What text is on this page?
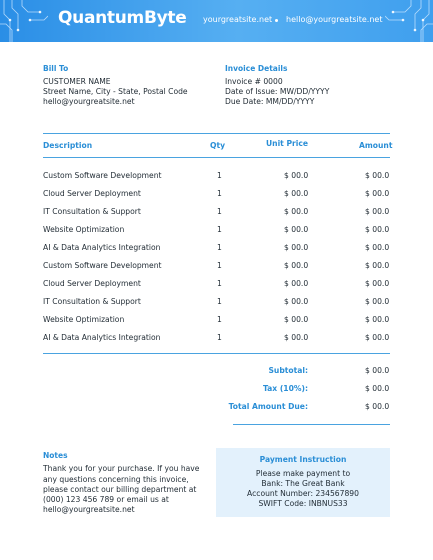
QuantumByte yourgreatsite.net hello@yourgreatsite.net
Bill To
CUSTOMER NAME
Street Name, City - State, Postal Code
hello@yourgreatsite.net
Invoice Details
Invoice # 0000
Date of Issue: MW/DD/YYYY
Due Date: MM/DD/YYYY
Description	Qty	Unit Price	Amount
Custom Software Development	1	$ 00.0	$ 00.0
Cloud Server Deployment	1	$ 00.0	$ 00.0
IT Consultation & Support	1	$ 00.0	$ 00.0
Website Optimization	1	$ 00.0	$ 00.0
AI & Data Analytics Integration	1	$ 00.0	$ 00.0
Custom Software Development	1	$ 00.0	$ 00.0
Cloud Server Deployment	1	$ 00.0	$ 00.0
IT Consultation & Support	1	$ 00.0	$ 00.0
Website Optimization	1	$ 00.0	$ 00.0
AI & Data Analytics Integration	1	$ 00.0	$ 00.0
Subtotal:	$ 00.0
Tax (10%):	$ 00.0
Total Amount Due:	$ 00.0
Notes
Thank you for your purchase. If you have
any questions concerning this invoice,
please contact our billing department at
(000) 123 456 789 or email us at
hello@yourgreatsite.net
Payment Instruction
Please make payment to
Bank: The Great Bank
Account Number: 234567890
SWIFT Code: INBNUS33
